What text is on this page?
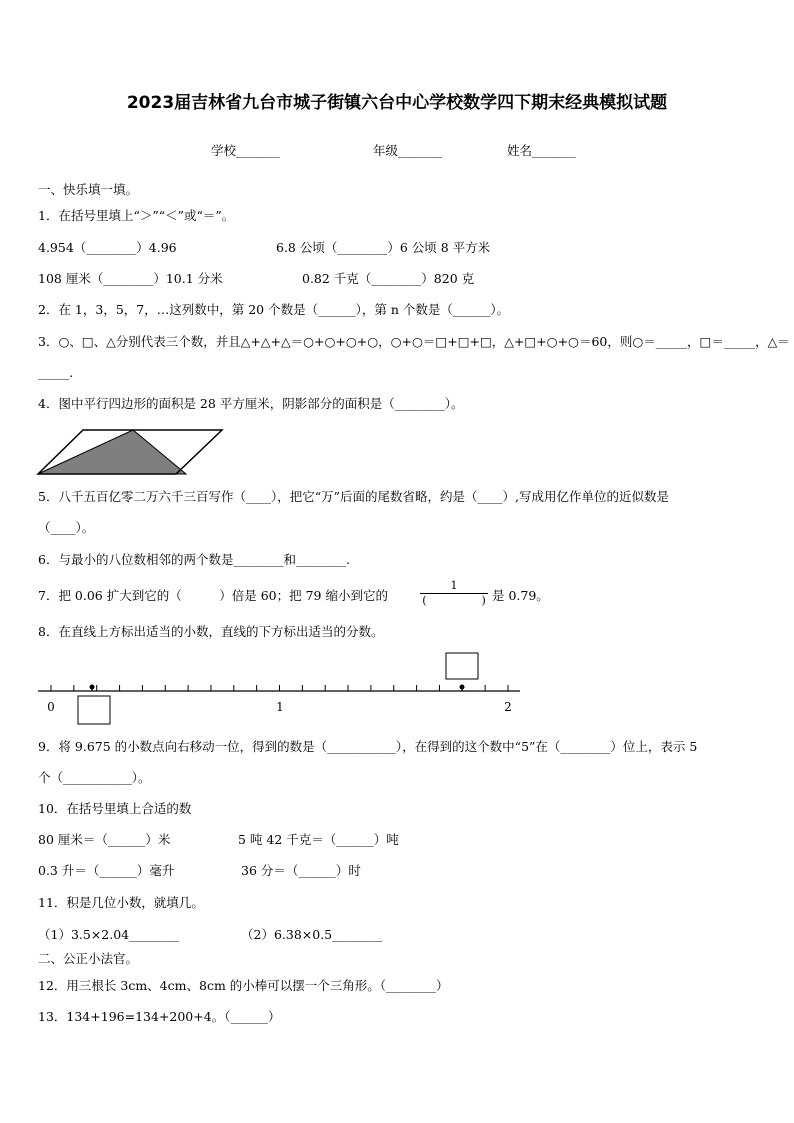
2023届吉林省九台市城子街镇六台中心学校数学四下期末经典模拟试题
学校_______	年级_______	姓名_______
一、快乐填一填。
1．在括号里填上“＞”“＜”或“＝”。
4.954（________）4.96	6.8 公顷（________）6 公顷 8 平方米
108 厘米（________）10.1 分米	0.82 千克（________）820 克
2．在 1，3，5，7，…这列数中，第 20 个数是（______），第 n 个数是（______）。
3．○、□、△分别代表三个数，并且△+△+△＝○+○+○+○，○+○＝□+□+□，△+□+○+○＝60，则○＝_____，□＝_____，△＝
_____.
4．图中平行四边形的面积是 28 平方厘米，阴影部分的面积是（________）。
5．八千五百亿零二万六千三百写作（____），把它“万”后面的尾数省略，约是（____）,写成用亿作单位的近似数是
（____）。
6．与最小的八位数相邻的两个数是________和________.
7．把 0.06 扩大到它的（　　　）倍是 60；把 79 缩小到它的
1
(　　　　　) 是 0.79。
8．在直线上方标出适当的小数，直线的下方标出适当的分数。
0	1	2
9．将 9.675 的小数点向右移动一位，得到的数是（___________），在得到的这个数中“5”在（________）位上，表示 5
个（___________）。
10．在括号里填上合适的数
80 厘米＝（______）米	5 吨 42 千克＝（______）吨
0.3 升＝（______）毫升	36 分＝（______）时
11．积是几位小数，就填几。
（1）3.5×2.04________	（2）6.38×0.5________
二、公正小法官。
12．用三根长 3cm、4cm、8cm 的小棒可以摆一个三角形。（________）
13．134+196=134+200+4。（______）
